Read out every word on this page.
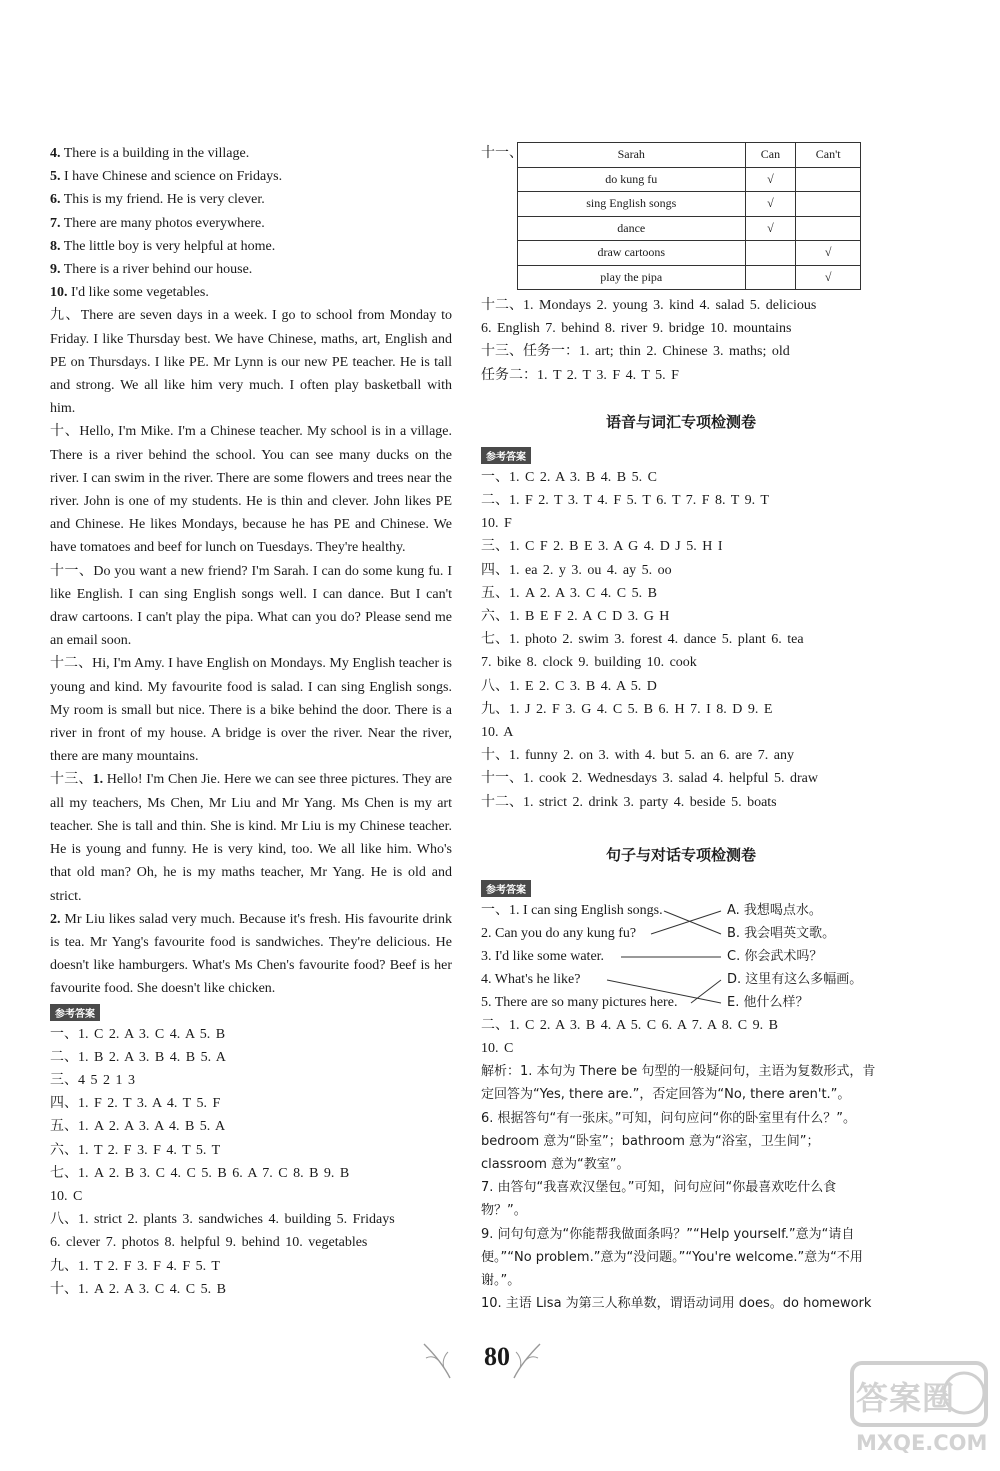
4. There is a building in the village.
5. I have Chinese and science on Fridays.
6. This is my friend. He is very clever.
7. There are many photos everywhere.
8. The little boy is very helpful at home.
9. There is a river behind our house.
10. I'd like some vegetables.
九、There are seven days in a week. I go to school from Monday to Friday. I like Thursday best. We have Chinese, maths, art, English and PE on Thursdays. I like PE. Mr Lynn is our new PE teacher. He is tall and strong. We all like him very much. I often play basketball with him.
十、Hello, I'm Mike. I'm a Chinese teacher. My school is in a village. There is a river behind the school. You can see many ducks on the river. I can swim in the river. There are some flowers and trees near the river. John is one of my students. He is thin and clever. John likes PE and Chinese. He likes Mondays, because he has PE and Chinese. We have tomatoes and beef for lunch on Tuesdays. They're healthy.
十一、Do you want a new friend? I'm Sarah. I can do some kung fu. I like English. I can sing English songs well. I can dance. But I can't draw cartoons. I can't play the pipa. What can you do? Please send me an email soon.
十二、Hi, I'm Amy. I have English on Mondays. My English teacher is young and kind. My favourite food is salad. I can sing English songs. My room is small but nice. There is a bike behind the door. There is a river in front of my house. A bridge is over the river. Near the river, there are many mountains.
十三、1. Hello! I'm Chen Jie. Here we can see three pictures. They are all my teachers, Ms Chen, Mr Liu and Mr Yang. Ms Chen is my art teacher. She is tall and thin. She is kind. Mr Liu is my Chinese teacher. He is young and funny. He is very kind, too. We all like him. Who's that old man? Oh, he is my maths teacher, Mr Yang. He is old and strict.
2. Mr Liu likes salad very much. Because it's fresh. His favourite drink is tea. Mr Yang's favourite food is sandwiches. They're delicious. He doesn't like hamburgers. What's Ms Chen's favourite food? Beef is her favourite food. She doesn't like chicken.
参考答案
一、1. C 2. A 3. C 4. A 5. B
二、1. B 2. A 3. B 4. B 5. A
三、4 5 2 1 3
四、1. F 2. T 3. A 4. T 5. F
五、1. A 2. A 3. A 4. B 5. A
六、1. T 2. F 3. F 4. T 5. T
七、1. A 2. B 3. C 4. C 5. B 6. A 7. C 8. B 9. B
10. C
八、1. strict 2. plants 3. sandwiches 4. building 5. Fridays
6. clever 7. photos 8. helpful 9. behind 10. vegetables
九、1. T 2. F 3. F 4. F 5. T
十、1. A 2. A 3. C 4. C 5. B
十一、	Sarah	Can	Can't
do kung fu	√	
sing English songs	√	
dance	√	
draw cartoons		√
play the pipa		√
十二、1. Mondays 2. young 3. kind 4. salad 5. delicious
6. English 7. behind 8. river 9. bridge 10. mountains
十三、任务一：1. art; thin 2. Chinese 3. maths; old
任务二：1. T 2. T 3. F 4. T 5. F
语音与词汇专项检测卷
参考答案
一、1. C 2. A 3. B 4. B 5. C
二、1. F 2. T 3. T 4. F 5. T 6. T 7. F 8. T 9. T
10. F
三、1. C F 2. B E 3. A G 4. D J 5. H I
四、1. ea 2. y 3. ou 4. ay 5. oo
五、1. A 2. A 3. C 4. C 5. B
六、1. B E F 2. A C D 3. G H
七、1. photo 2. swim 3. forest 4. dance 5. plant 6. tea
7. bike 8. clock 9. building 10. cook
八、1. E 2. C 3. B 4. A 5. D
九、1. J 2. F 3. G 4. C 5. B 6. H 7. I 8. D 9. E
10. A
十、1. funny 2. on 3. with 4. but 5. an 6. are 7. any
十一、1. cook 2. Wednesdays 3. salad 4. helpful 5. draw
十二、1. strict 2. drink 3. party 4. beside 5. boats
句子与对话专项检测卷
参考答案
一、1. I can sing English songs.
2. Can you do any kung fu?
3. I'd like some water.
4. What's he like?
5. There are so many pictures here.
A. 我想喝点水。
B. 我会唱英文歌。
C. 你会武术吗？
D. 这里有这么多幅画。
E. 他什么样？
二、1. C 2. A 3. B 4. A 5. C 6. A 7. A 8. C 9. B
10. C
解析：1. 本句为 There be 句型的一般疑问句，主语为复数形式，肯定回答为“Yes, there are.”，否定回答为“No, there aren't.”。
6. 根据答句“有一张床。”可知，问句应问“你的卧室里有什么？”。bedroom 意为“卧室”；bathroom 意为“浴室，卫生间”；classroom 意为“教室”。
7. 由答句“我喜欢汉堡包。”可知，问句应问“你最喜欢吃什么食物？”。
9. 问句句意为“你能帮我做面条吗？”“Help yourself.”意为“请自便。”“No problem.”意为“没问题。”“You're welcome.”意为“不用谢。”。
10. 主语 Lisa 为第三人称单数，谓语动词用 does。do homework
80
答案圈
MXQE.COM
